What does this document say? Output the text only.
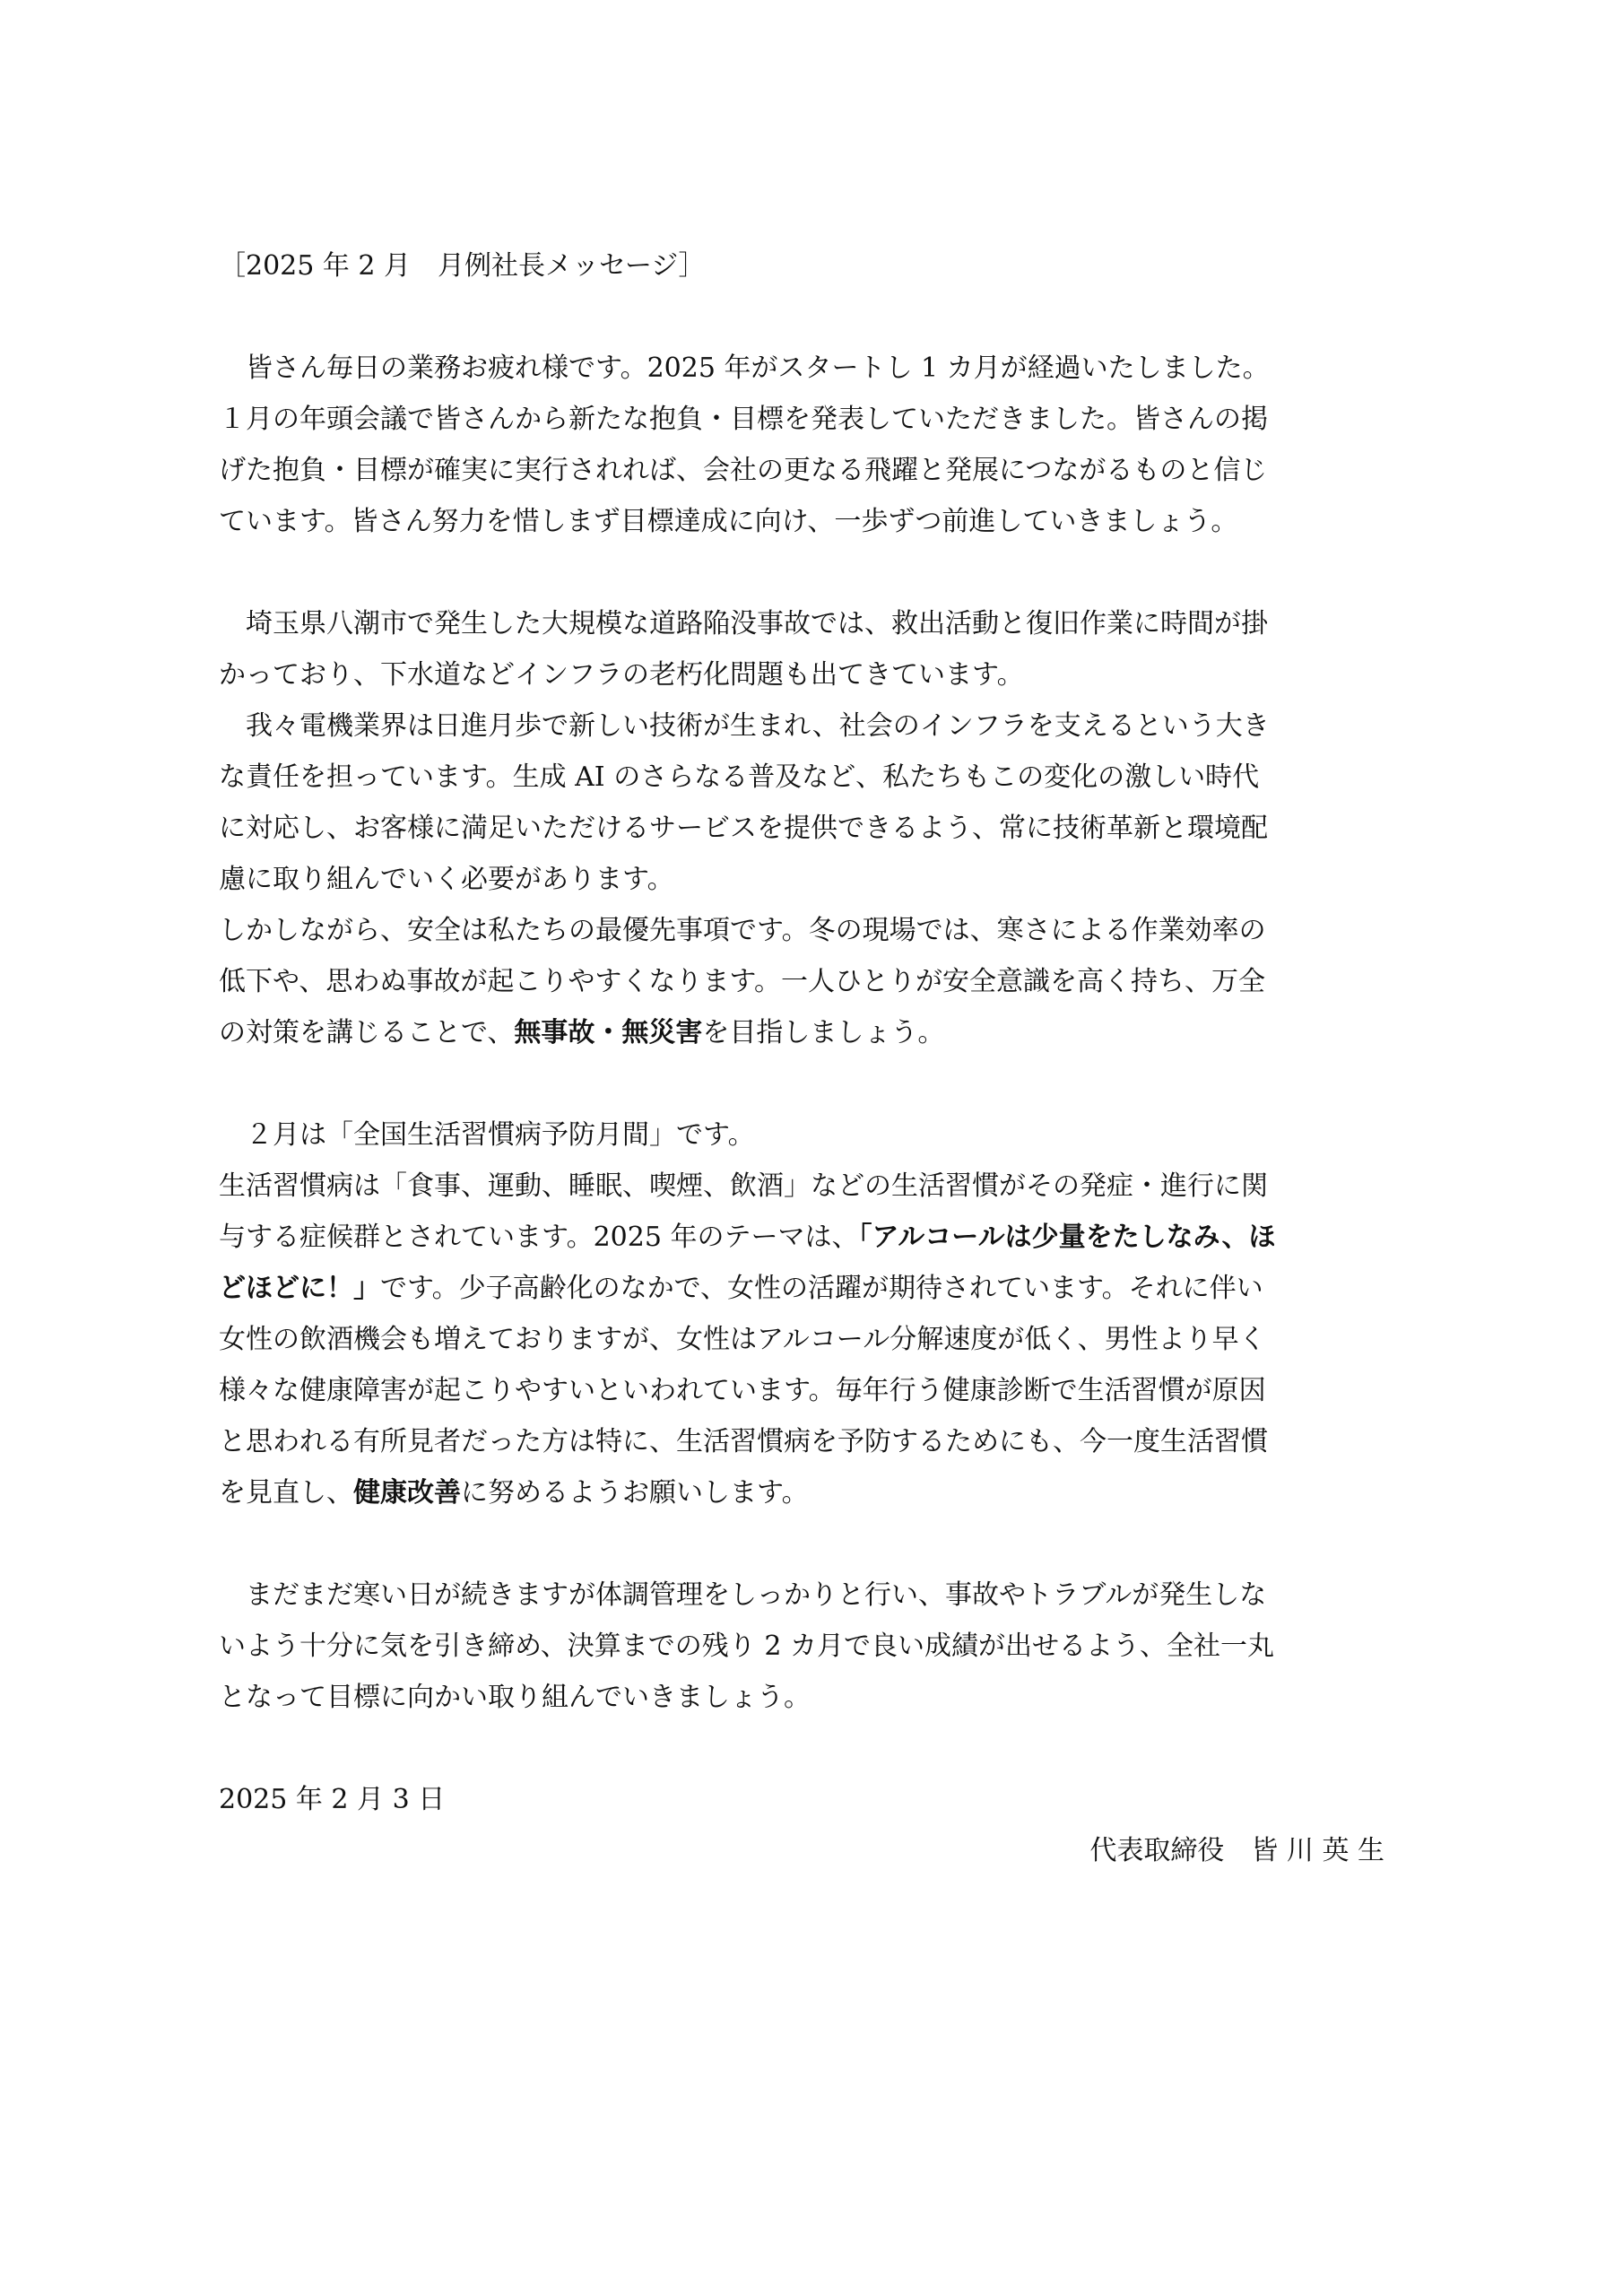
［2025 年 2 月　月例社長メッセージ］
　皆さん毎日の業務お疲れ様です。2025 年がスタートし 1 カ月が経過いたしました。
１月の年頭会議で皆さんから新たな抱負・目標を発表していただきました。皆さんの掲
げた抱負・目標が確実に実行されれば、会社の更なる飛躍と発展につながるものと信じ
ています。皆さん努力を惜しまず目標達成に向け、一歩ずつ前進していきましょう。
　埼玉県八潮市で発生した大規模な道路陥没事故では、救出活動と復旧作業に時間が掛
かっており、下水道などインフラの老朽化問題も出てきています。
　我々電機業界は日進月歩で新しい技術が生まれ、社会のインフラを支えるという大き
な責任を担っています。生成 AI のさらなる普及など、私たちもこの変化の激しい時代
に対応し、お客様に満足いただけるサービスを提供できるよう、常に技術革新と環境配
慮に取り組んでいく必要があります。
しかしながら、安全は私たちの最優先事項です。冬の現場では、寒さによる作業効率の
低下や、思わぬ事故が起こりやすくなります。一人ひとりが安全意識を高く持ち、万全
の対策を講じることで、無事故・無災害を目指しましょう。
　２月は「全国生活習慣病予防月間」です。
生活習慣病は「食事、運動、睡眠、喫煙、飲酒」などの生活習慣がその発症・進行に関
与する症候群とされています。2025 年のテーマは、「アルコールは少量をたしなみ、ほ
どほどに！」です。少子高齢化のなかで、女性の活躍が期待されています。それに伴い
女性の飲酒機会も増えておりますが、女性はアルコール分解速度が低く、男性より早く
様々な健康障害が起こりやすいといわれています。毎年行う健康診断で生活習慣が原因
と思われる有所見者だった方は特に、生活習慣病を予防するためにも、今一度生活習慣
を見直し、健康改善に努めるようお願いします。
　まだまだ寒い日が続きますが体調管理をしっかりと行い、事故やトラブルが発生しな
いよう十分に気を引き締め、決算までの残り 2 カ月で良い成績が出せるよう、全社一丸
となって目標に向かい取り組んでいきましょう。
2025 年 2 月 3 日
代表取締役　皆 川 英 生
